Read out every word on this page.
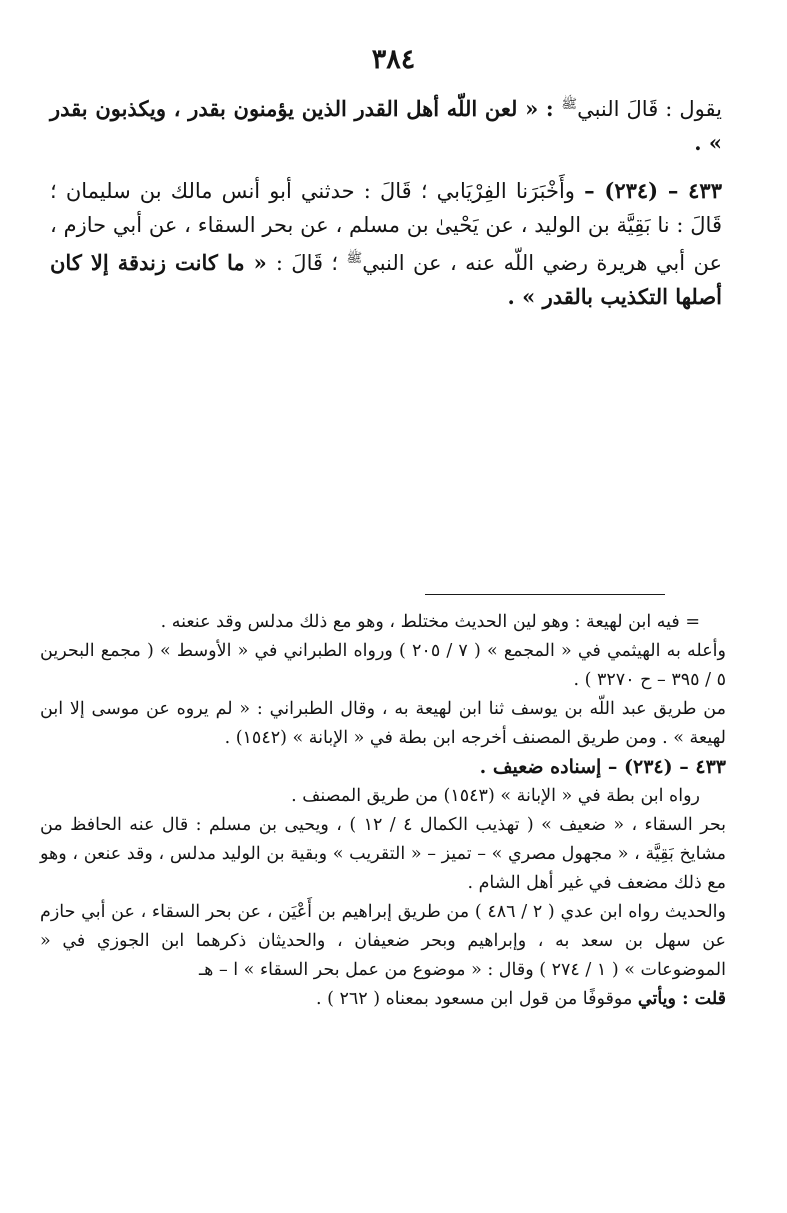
٣٨٤

يقول : قَالَ النبي$^ﷺ$ : « لعن اللّه أهل القدر الذين يؤمنون بقدر ، ويكذبون بقدر » .

٤٣٣ – (٢٣٤) – وأَخْبَرَنا الفِرْيَابي ؛ قَالَ : حدثني أبو أنس مالك بن سليمان ؛ قَالَ : نا بَقِيَّة بن الوليد ، عن يَحْيىٰ بن مسلم ، عن بحر السقاء ، عن أبي حازم ، عن أبي هريرة رضي اللّه عنه ، عن النبي$^ﷺ$ ؛ قَالَ : « ما كانت زندقة إلا كان أصلها التكذيب بالقدر » .

= فيه ابن لهيعة : وهو لين الحديث مختلط ، وهو مع ذلك مدلس وقد عنعنه .

وأعله به الهيثمي في « المجمع » ( ٧ / ٢٠٥ ) ورواه الطبراني في « الأوسط » ( مجمع البحرين ٥ / ٣٩٥ – ح ٣٢٧٠ ) .

من طريق عبد اللّه بن يوسف ثنا ابن لهيعة به ، وقال الطبراني : « لم يروه عن موسى إلا ابن لهيعة » . ومن طريق المصنف أخرجه ابن بطة في « الإبانة » (١٥٤٢) .

٤٣٣ – (٢٣٤) – إسناده ضعيف .

رواه ابن بطة في « الإبانة » (١٥٤٣) من طريق المصنف .

بحر السقاء ، « ضعيف » ( تهذيب الكمال ٤ / ١٢ ) ، ويحيى بن مسلم : قال عنه الحافظ من مشايخ بَقِيَّة ، « مجهول مصري » – تميز – « التقريب » وبقية بن الوليد مدلس ، وقد عنعن ، وهو مع ذلك مضعف في غير أهل الشام .

والحديث رواه ابن عدي ( ٢ / ٤٨٦ ) من طريق إبراهيم بن أَعْيَن ، عن بحر السقاء ، عن أبي حازم عن سهل بن سعد به ، وإبراهيم وبحر ضعيفان ، والحديثان ذكرهما ابن الجوزي في « الموضوعات » ( ١ / ٢٧٤ ) وقال : « موضوع من عمل بحر السقاء » ا – هـ

قلت : ويأتي موقوفًا من قول ابن مسعود بمعناه ( ٢٦٢ ) .
